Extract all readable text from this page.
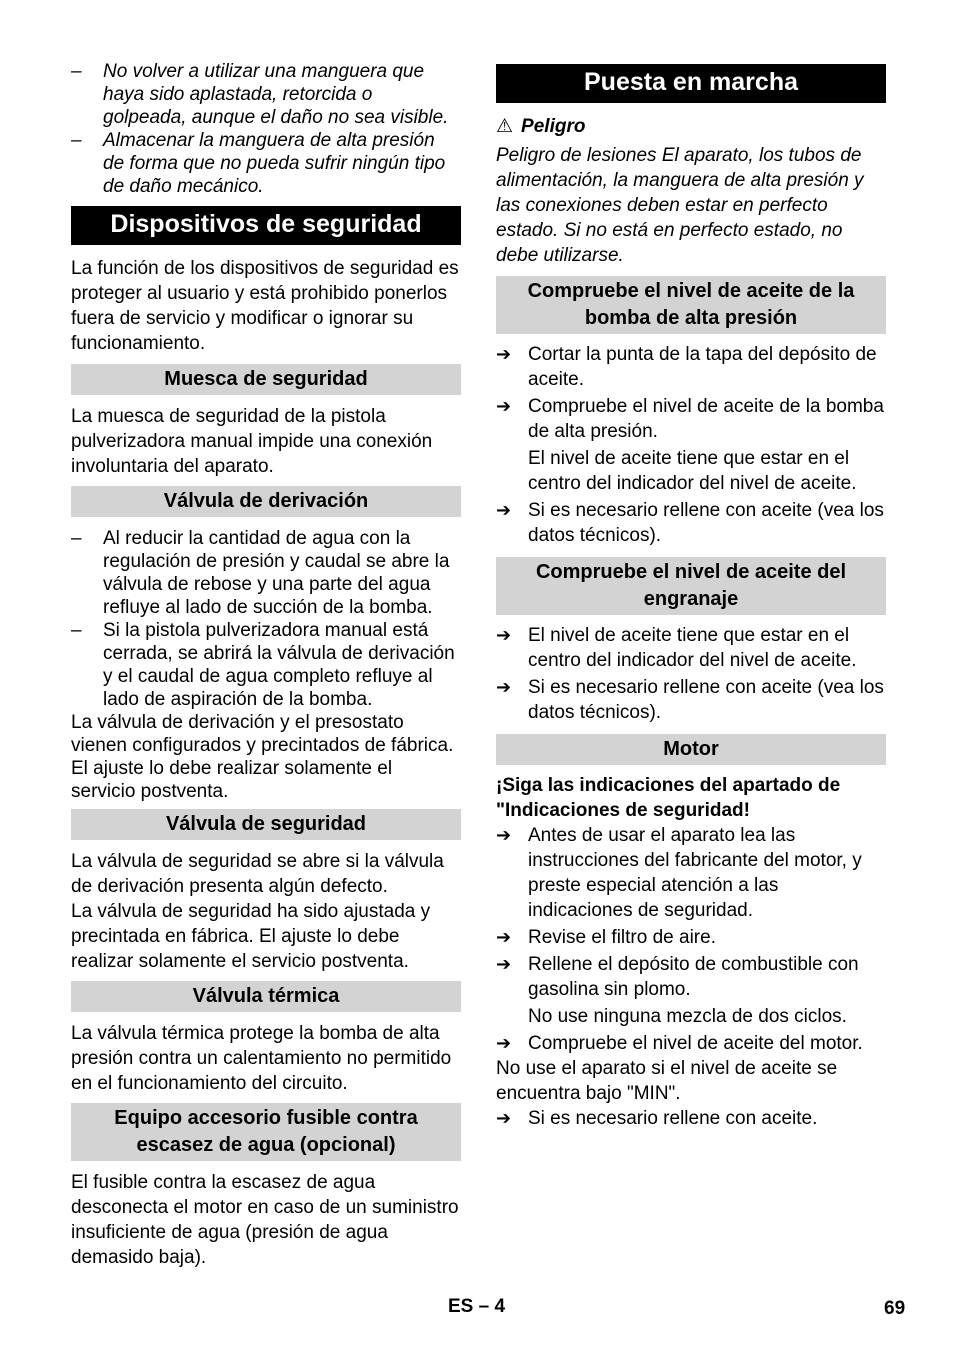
– No volver a utilizar una manguera que haya sido aplastada, retorcida o golpeada, aunque el daño no sea visible.
– Almacenar la manguera de alta presión de forma que no pueda sufrir ningún tipo de daño mecánico.
Dispositivos de seguridad

La función de los dispositivos de seguridad es proteger al usuario y está prohibido ponerlos fuera de servicio y modificar o ignorar su funcionamiento.

Muesca de seguridad

La muesca de seguridad de la pistola pulverizadora manual impide una conexión involuntaria del aparato.

Válvula de derivación
– Al reducir la cantidad de agua con la regulación de presión y caudal se abre la válvula de rebose y una parte del agua refluye al lado de succión de la bomba.
– Si la pistola pulverizadora manual está cerrada, se abrirá la válvula de derivación y el caudal de agua completo refluye al lado de aspiración de la bomba.

La válvula de derivación y el presostato vienen configurados y precintados de fábrica. El ajuste lo debe realizar solamente el servicio postventa.

Válvula de seguridad

La válvula de seguridad se abre si la válvula de derivación presenta algún defecto.

La válvula de seguridad ha sido ajustada y precintada en fábrica. El ajuste lo debe realizar solamente el servicio postventa.

Válvula térmica

La válvula térmica protege la bomba de alta presión contra un calentamiento no permitido en el funcionamiento del circuito.

Equipo accesorio fusible contra escasez de agua (opcional)

El fusible contra la escasez de agua desconecta el motor en caso de un suministro insuficiente de agua (presión de agua demasido baja).

Puesta en marcha
⚠ Peligro

Peligro de lesiones El aparato, los tubos de alimentación, la manguera de alta presión y las conexiones deben estar en perfecto estado. Si no está en perfecto estado, no debe utilizarse.

Compruebe el nivel de aceite de la bomba de alta presión
➔ Cortar la punta de la tapa del depósito de aceite.
➔ Compruebe el nivel de aceite de la bomba de alta presión.
El nivel de aceite tiene que estar en el centro del indicador del nivel de aceite.
➔ Si es necesario rellene con aceite (vea los datos técnicos).
Compruebe el nivel de aceite del engranaje
➔ El nivel de aceite tiene que estar en el centro del indicador del nivel de aceite.
➔ Si es necesario rellene con aceite (vea los datos técnicos).
Motor

¡Siga las indicaciones del apartado de "Indicaciones de seguridad!

➔ Antes de usar el aparato lea las instrucciones del fabricante del motor, y preste especial atención a las indicaciones de seguridad.
➔ Revise el filtro de aire.
➔ Rellene el depósito de combustible con gasolina sin plomo.
No use ninguna mezcla de dos ciclos.
➔ Compruebe el nivel de aceite del motor.

No use el aparato si el nivel de aceite se encuentra bajo "MIN".

➔ Si es necesario rellene con aceite.
ES – 4	69
